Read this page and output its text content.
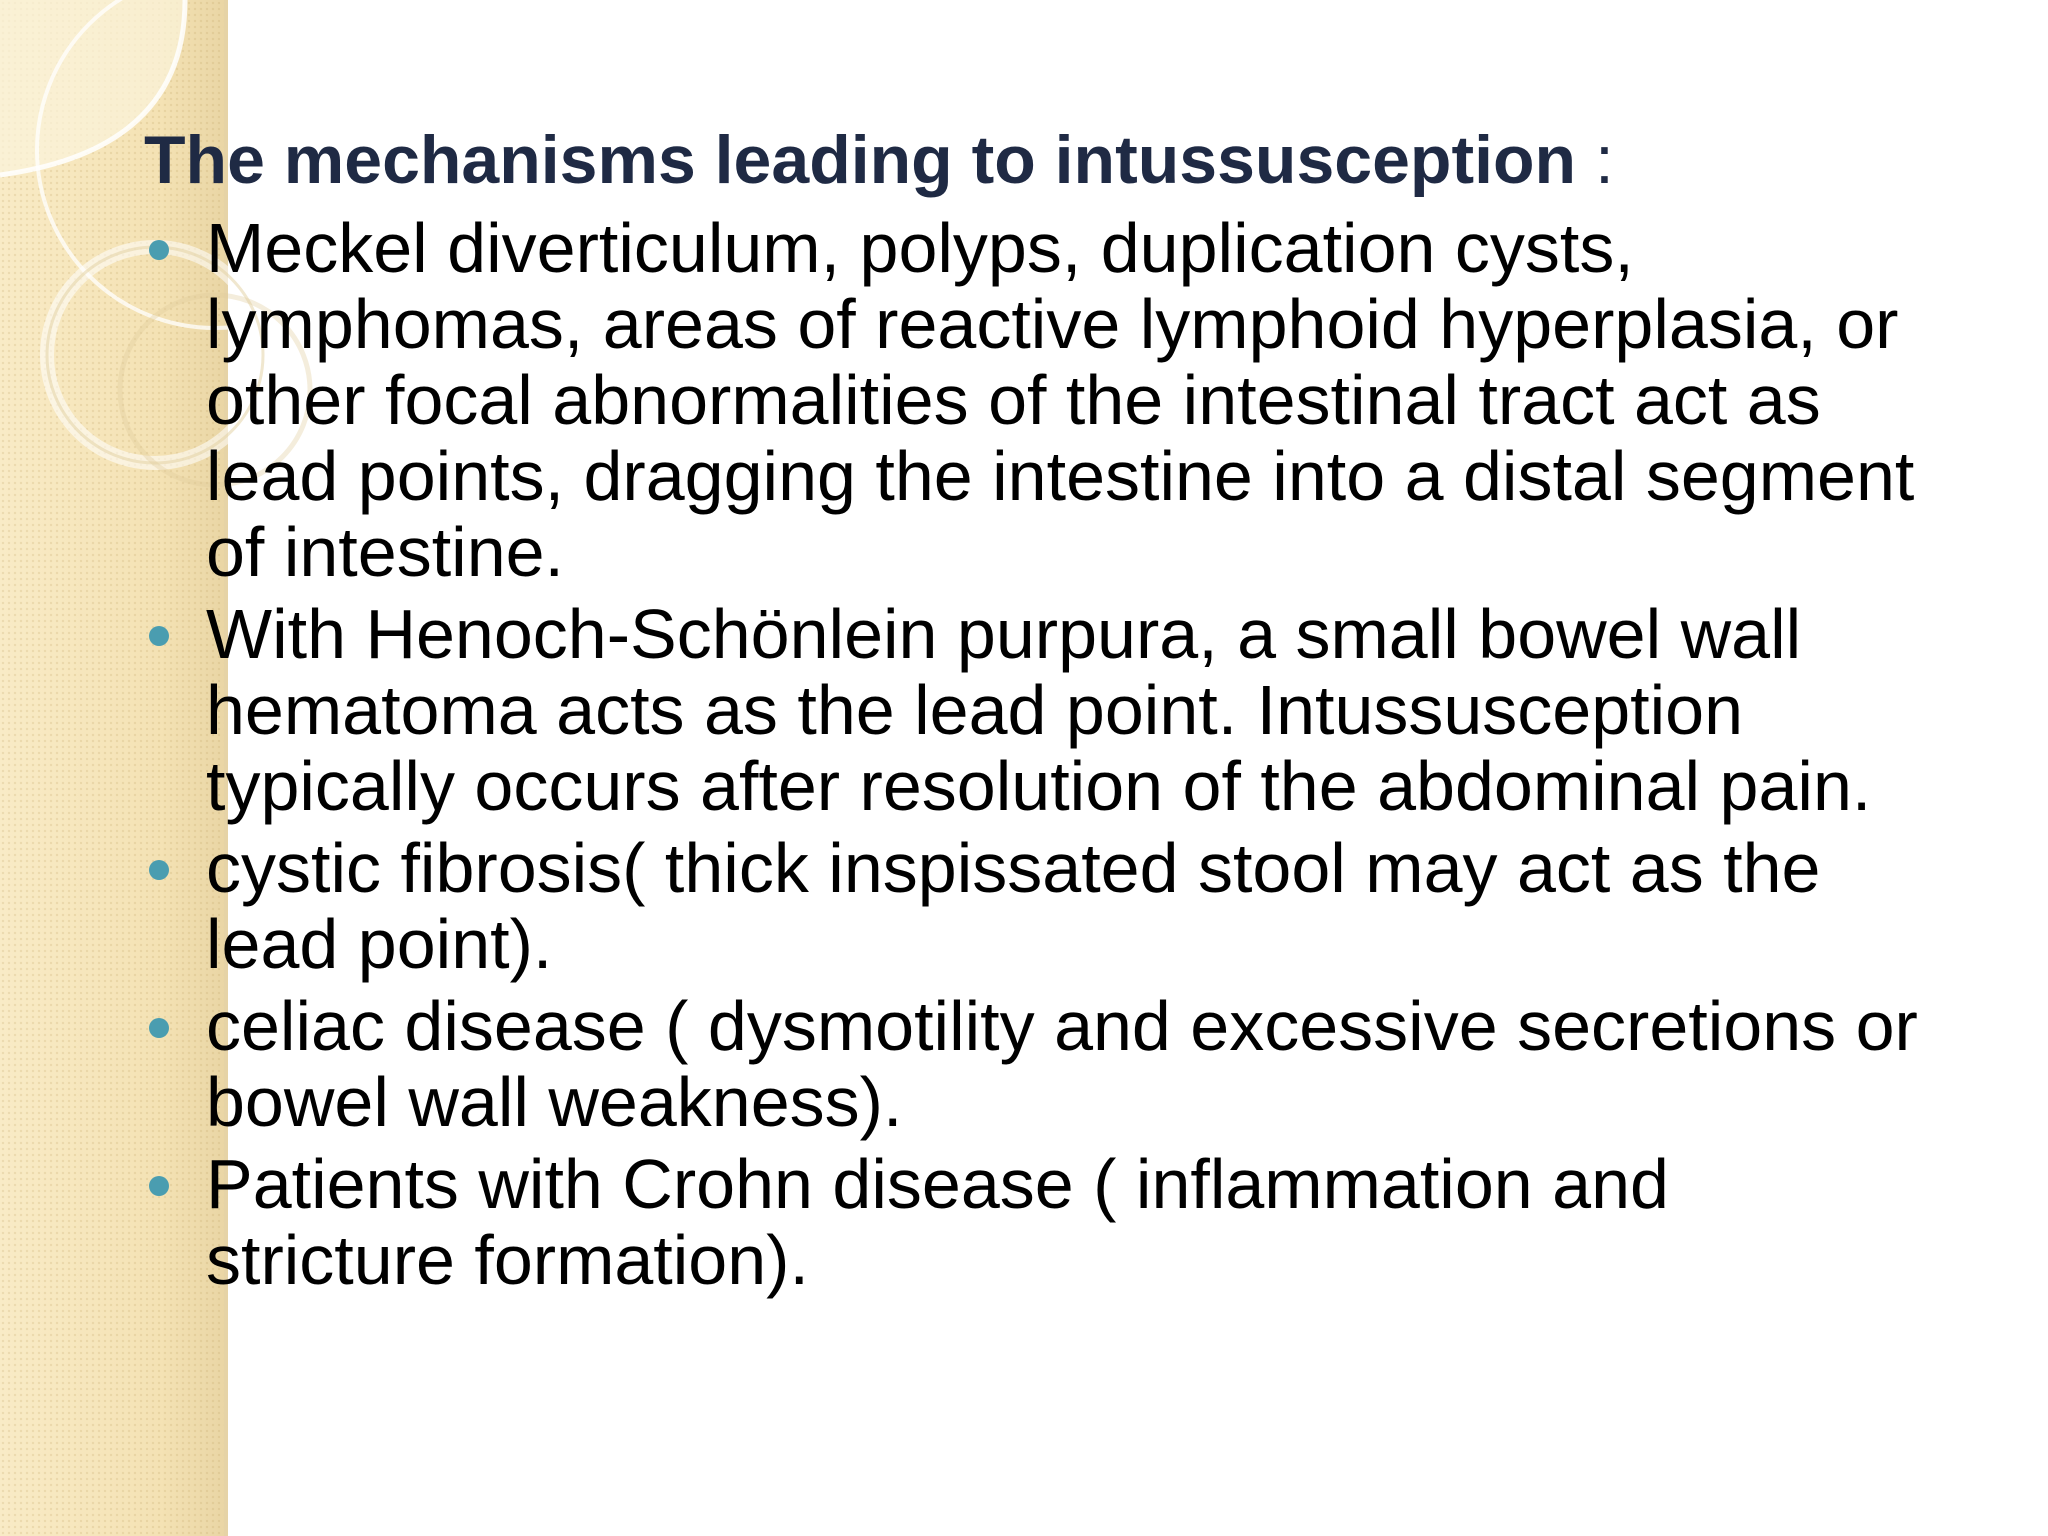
The mechanisms leading to intussusception :
Meckel diverticulum, polyps, duplication cysts, lymphomas, areas of reactive lymphoid hyperplasia, or other focal abnormalities of the intestinal tract act as lead points, dragging the intestine into a distal segment of intestine.
With Henoch-Schönlein purpura, a small bowel wall hematoma acts as the lead point. Intussusception typically occurs after resolution of the abdominal pain.
cystic fibrosis( thick inspissated stool may act as the lead point).
celiac disease ( dysmotility and excessive secretions or bowel wall weakness).
Patients with Crohn disease ( inflammation and stricture formation).
